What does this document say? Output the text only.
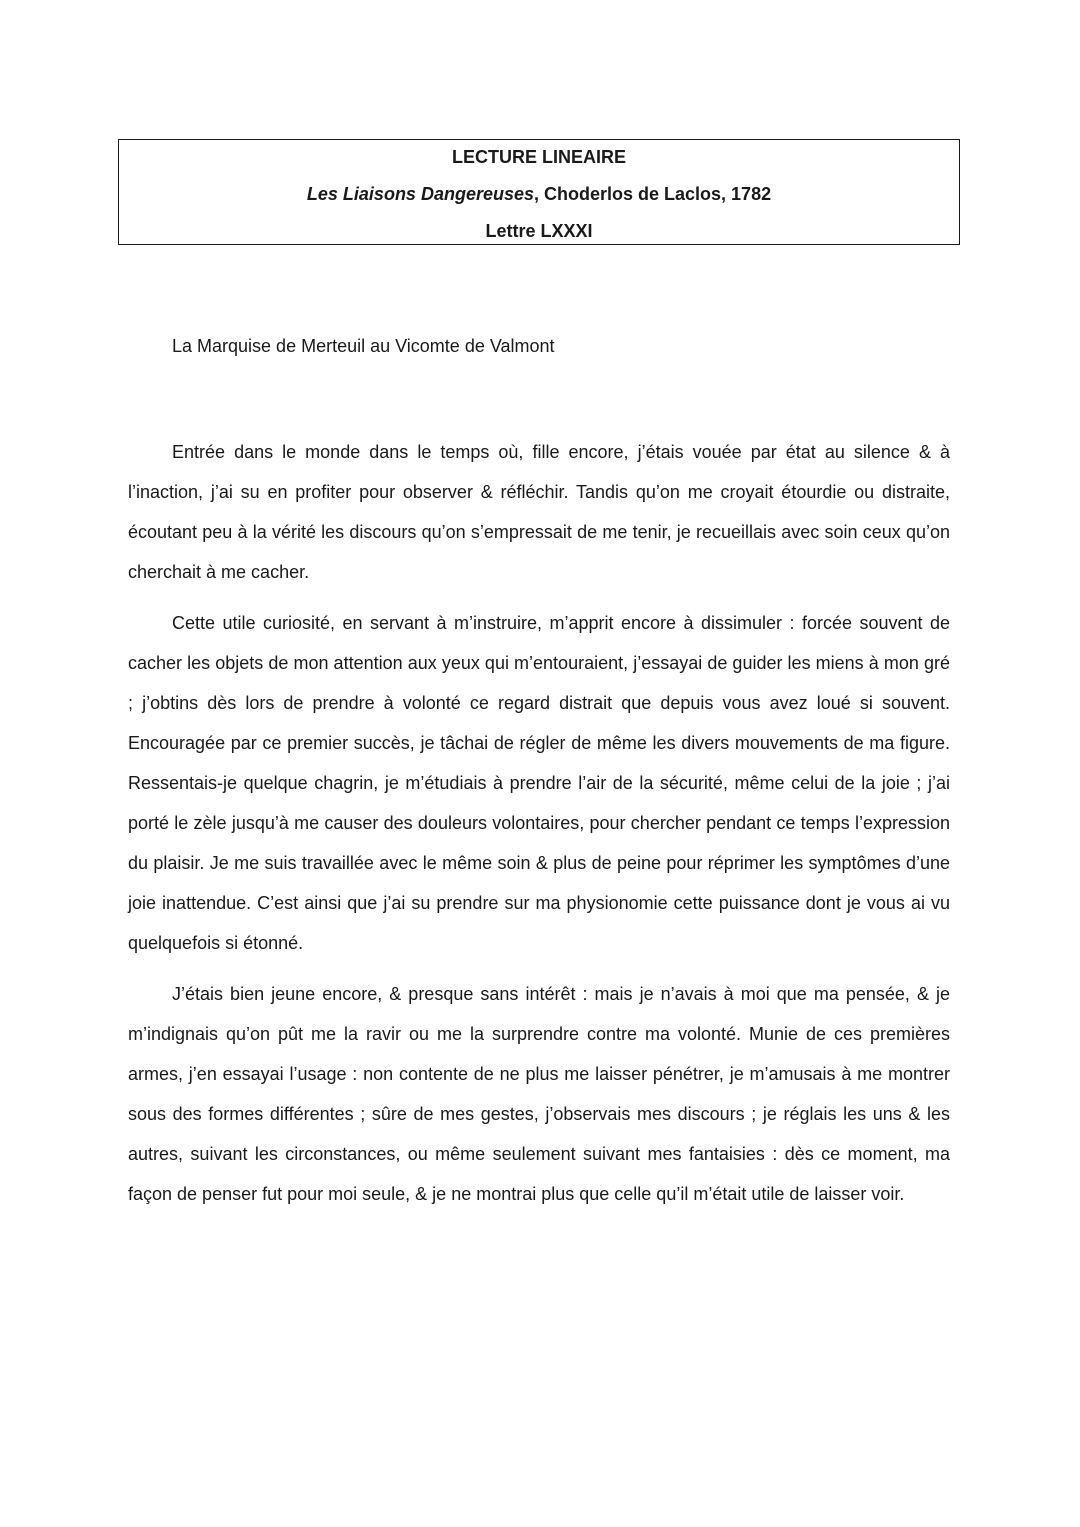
LECTURE LINEAIRE
Les Liaisons Dangereuses, Choderlos de Laclos, 1782
Lettre LXXXI
La Marquise de Merteuil au Vicomte de Valmont

Entrée dans le monde dans le temps où, fille encore, j’étais vouée par état au silence & à l’inaction, j’ai su en profiter pour observer & réfléchir. Tandis qu’on me croyait étourdie ou distraite, écoutant peu à la vérité les discours qu’on s’empressait de me tenir, je recueillais avec soin ceux qu’on cherchait à me cacher.

Cette utile curiosité, en servant à m’instruire, m’apprit encore à dissimuler : forcée souvent de cacher les objets de mon attention aux yeux qui m’entouraient, j’essayai de guider les miens à mon gré ; j’obtins dès lors de prendre à volonté ce regard distrait que depuis vous avez loué si souvent. Encouragée par ce premier succès, je tâchai de régler de même les divers mouvements de ma figure. Ressentais-je quelque chagrin, je m’étudiais à prendre l’air de la sécurité, même celui de la joie ; j’ai porté le zèle jusqu’à me causer des douleurs volontaires, pour chercher pendant ce temps l’expression du plaisir. Je me suis travaillée avec le même soin & plus de peine pour réprimer les symptômes d’une joie inattendue. C’est ainsi que j’ai su prendre sur ma physionomie cette puissance dont je vous ai vu quelquefois si étonné.

J’étais bien jeune encore, & presque sans intérêt : mais je n’avais à moi que ma pensée, & je m’indignais qu’on pût me la ravir ou me la surprendre contre ma volonté. Munie de ces premières armes, j’en essayai l’usage : non contente de ne plus me laisser pénétrer, je m’amusais à me montrer sous des formes différentes ; sûre de mes gestes, j’observais mes discours ; je réglais les uns & les autres, suivant les circonstances, ou même seulement suivant mes fantaisies : dès ce moment, ma façon de penser fut pour moi seule, & je ne montrai plus que celle qu’il m’était utile de laisser voir.
